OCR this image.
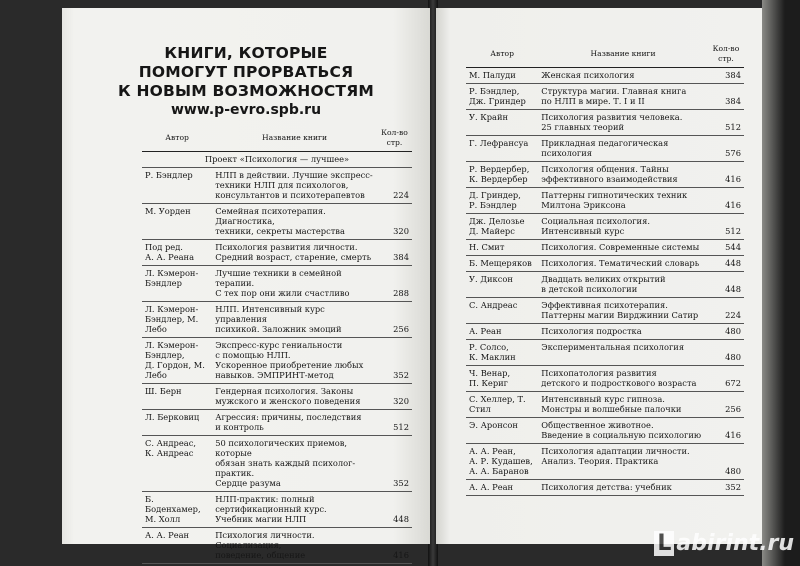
КНИГИ, КОТОРЫЕ
ПОМОГУТ ПРОРВАТЬСЯ
К НОВЫМ ВОЗМОЖНОСТЯМ
www.p-evro.spb.ru
Автор	Название книги	Кол-во стр.
Проект «Психология — лучшее»		

Р. Бэндлер	НЛП в действии. Лучшие экспресс-
техники НЛП для психологов,
консультантов и психотерапевтов	224

М. Уорден	Семейная психотерапия. Диагностика,
техники, секреты мастерства	320

Под ред.
А. А. Реана	Психология развития личности.
Средний возраст, старение, смерть	384

Л. Кэмерон-
Бэндлер	Лучшие техники в семейной терапии.
С тех пор они жили счастливо	288

Л. Кэмерон-
Бэндлер, М. Лебо	НЛП. Интенсивный курс управления
психикой. Заложник эмоций	256

Л. Кэмерон-
Бэндлер,
Д. Гордон, М. Лебо	Экспресс-курс гениальности
с помощью НЛП.
Ускоренное приобретение любых
навыков. ЭМПРИНТ-метод	352

Ш. Берн	Гендерная психология. Законы
мужского и женского поведения	320

Л. Берковиц	Агрессия: причины, последствия
и контроль	512

С. Андреас,
К. Андреас	50 психологических приемов, которые
обязан знать каждый психолог-практик.
Сердце разума	352

Б. Боденхамер,
М. Холл	НЛП-практик: полный
сертификационный курс.
Учебник магии НЛП	448

А. А. Реан	Психология личности. Социализация,
поведение, общение	416
Автор	Название книги	Кол-во стр.

М. Палуди	Женская психология	384

Р. Бэндлер,
Дж. Гриндер	Структура магии. Главная книга
по НЛП в мире. Т. I и II	384

У. Крайн	Психология развития человека.
25 главных теорий	512

Г. Лефрансуа	Прикладная педагогическая
психология	576

Р. Вердербер,
К. Вердербер	Психология общения. Тайны
эффективного взаимодействия	416

Д. Гриндер,
Р. Бэндлер	Паттерны гипнотических техник
Милтона Эриксона	416

Дж. Делозье
Д. Майерс	Социальная психология.
Интенсивный курс	512

Н. Смит	Психология. Современные системы	544

Б. Мещеряков	Психология. Тематический словарь	448

У. Диксон	Двадцать великих открытий
в детской психологии	448

С. Андреас	Эффективная психотерапия.
Паттерны магии Вирджинии Сатир	224

А. Реан	Психология подростка	480

Р. Солсо,
К. Маклин	Экспериментальная психология	480

Ч. Венар,
П. Кериг	Психопатология развития
детского и подросткового возраста	672

С. Хеллер, Т. Стил	Интенсивный курс гипноза.
Монстры и волшебные палочки	256

Э. Аронсон	Общественное животное.
Введение в социальную психологию	416

А. А. Реан,
А. Р. Кудашев,
А. А. Баранов	Психология адаптации личности.
Анализ. Теория. Практика	480

А. А. Реан	Психология детства: учебник	352
L abirint.ru
